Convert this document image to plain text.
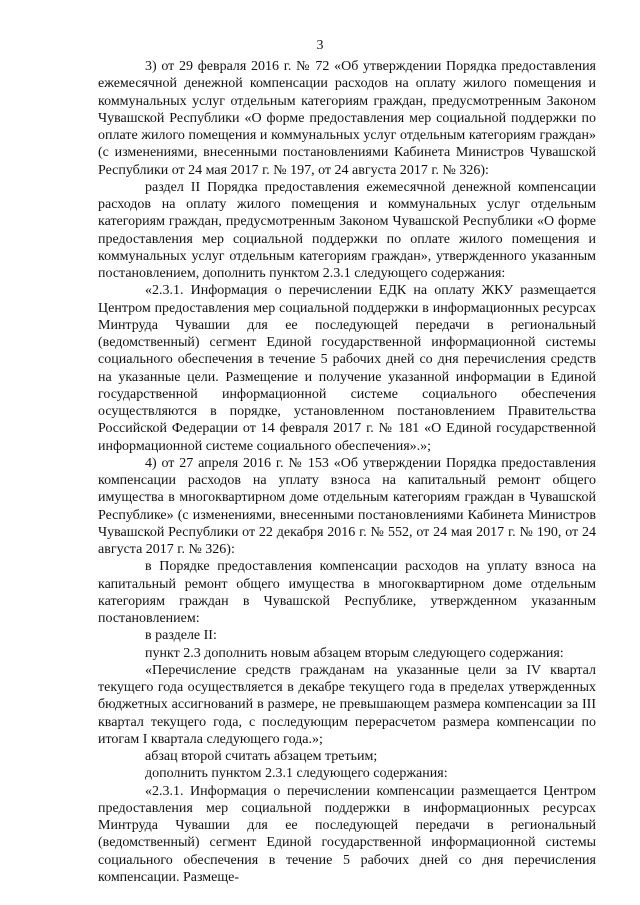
3

3) от 29 февраля 2016 г. № 72 «Об утверждении Порядка предоставления ежемесячной денежной компенсации расходов на оплату жилого помещения и коммунальных услуг отдельным категориям граждан, предусмотренным Законом Чувашской Республики «О форме предоставления мер социальной поддержки по оплате жилого помещения и коммунальных услуг отдельным категориям граждан» (с изменениями, внесенными постановлениями Кабинета Министров Чувашской Республики от 24 мая 2017 г. № 197, от 24 августа 2017 г. № 326):

раздел II Порядка предоставления ежемесячной денежной компенсации расходов на оплату жилого помещения и коммунальных услуг отдельным категориям граждан, предусмотренным Законом Чувашской Республики «О форме предоставления мер социальной поддержки по оплате жилого помещения и коммунальных услуг отдельным категориям граждан», утвержденного указанным постановлением, дополнить пунктом 2.3.1 следующего содержания:

«2.3.1. Информация о перечислении ЕДК на оплату ЖКУ размещается Центром предоставления мер социальной поддержки в информационных ресурсах Минтруда Чувашии для ее последующей передачи в региональный (ведомственный) сегмент Единой государственной информационной системы социального обеспечения в течение 5 рабочих дней со дня перечисления средств на указанные цели. Размещение и получение указанной информации в Единой государственной информационной системе социального обеспечения осуществляются в порядке, установленном постановлением Правительства Российской Федерации от 14 февраля 2017 г. № 181 «О Единой государственной информационной системе социального обеспечения».»;

4) от 27 апреля 2016 г. № 153 «Об утверждении Порядка предоставления компенсации расходов на уплату взноса на капитальный ремонт общего имущества в многоквартирном доме отдельным категориям граждан в Чувашской Республике» (с изменениями, внесенными постановлениями Кабинета Министров Чувашской Республики от 22 декабря 2016 г. № 552, от 24 мая 2017 г. № 190, от 24 августа 2017 г. № 326):

в Порядке предоставления компенсации расходов на уплату взноса на капитальный ремонт общего имущества в многоквартирном доме отдельным категориям граждан в Чувашской Республике, утвержденном указанным постановлением:

в разделе II:

пункт 2.3 дополнить новым абзацем вторым следующего содержания:

«Перечисление средств гражданам на указанные цели за IV квартал текущего года осуществляется в декабре текущего года в пределах утвержденных бюджетных ассигнований в размере, не превышающем размера компенсации за III квартал текущего года, с последующим перерасчетом размера компенсации по итогам I квартала следующего года.»;

абзац второй считать абзацем третьим;

дополнить пунктом 2.3.1 следующего содержания:

«2.3.1. Информация о перечислении компенсации размещается Центром предоставления мер социальной поддержки в информационных ресурсах Минтруда Чувашии для ее последующей передачи в региональный (ведомственный) сегмент Единой государственной информационной системы социального обеспечения в течение 5 рабочих дней со дня перечисления компенсации. Размеще-
